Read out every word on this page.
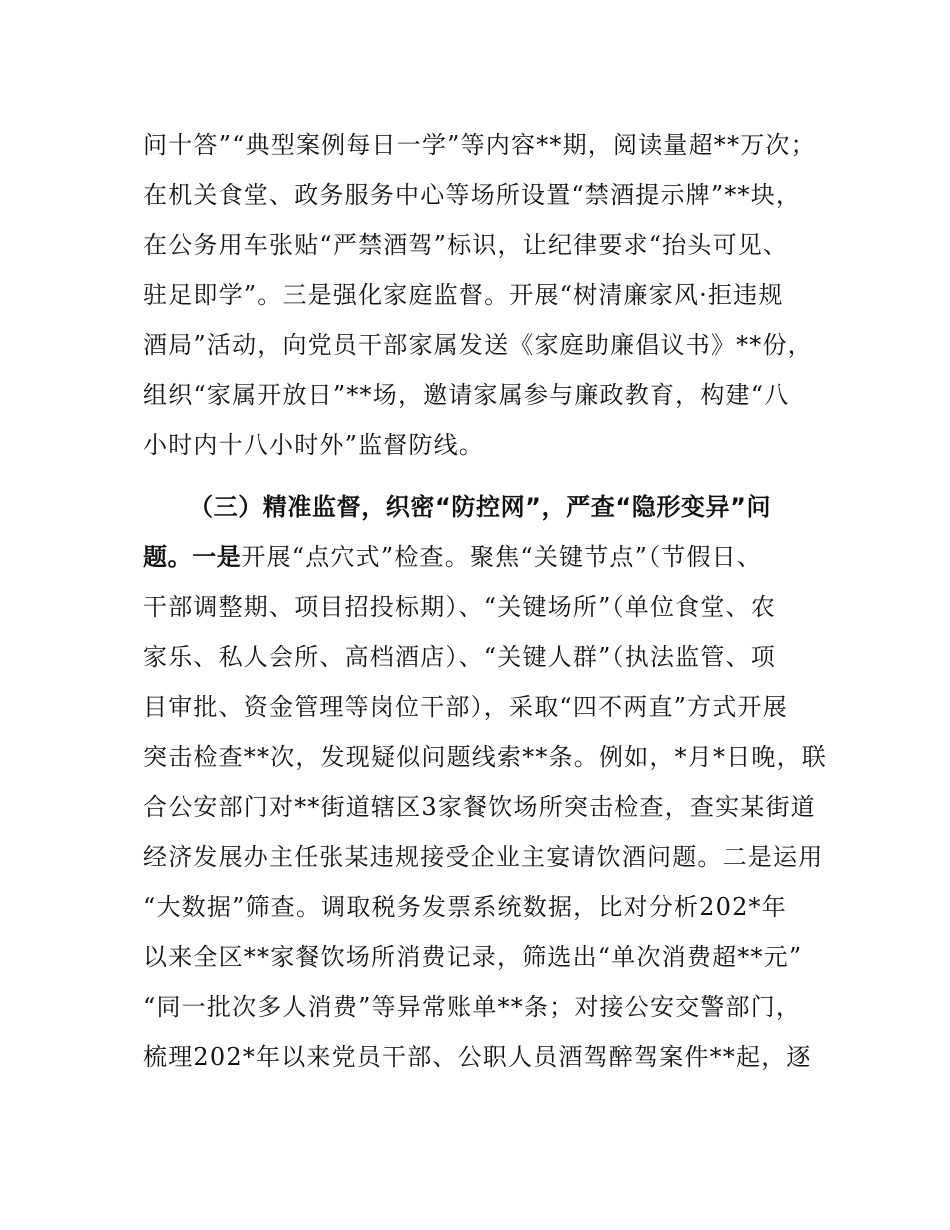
问十答”“典型案例每日一学”等内容**期，阅读量超**万次；
在机关食堂、政务服务中心等场所设置“禁酒提示牌”**块，
在公务用车张贴“严禁酒驾”标识，让纪律要求“抬头可见、
驻足即学”。三是强化家庭监督。开展“树清廉家风·拒违规
酒局”活动，向党员干部家属发送《家庭助廉倡议书》**份，
组织“家属开放日”**场，邀请家属参与廉政教育，构建“八
小时内十八小时外”监督防线。
（三）精准监督，织密“防控网”，严查“隐形变异”问
题。一是开展“点穴式”检查。聚焦“关键节点”（节假日、
干部调整期、项目招投标期）、“关键场所”（单位食堂、农
家乐、私人会所、高档酒店）、“关键人群”（执法监管、项
目审批、资金管理等岗位干部），采取“四不两直”方式开展
突击检查**次，发现疑似问题线索**条。例如，*月*日晚，联
合公安部门对**街道辖区3家餐饮场所突击检查，查实某街道
经济发展办主任张某违规接受企业主宴请饮酒问题。二是运用
“大数据”筛查。调取税务发票系统数据，比对分析202*年
以来全区**家餐饮场所消费记录，筛选出“单次消费超**元”
“同一批次多人消费”等异常账单**条；对接公安交警部门，
梳理202*年以来党员干部、公职人员酒驾醉驾案件**起，逐
